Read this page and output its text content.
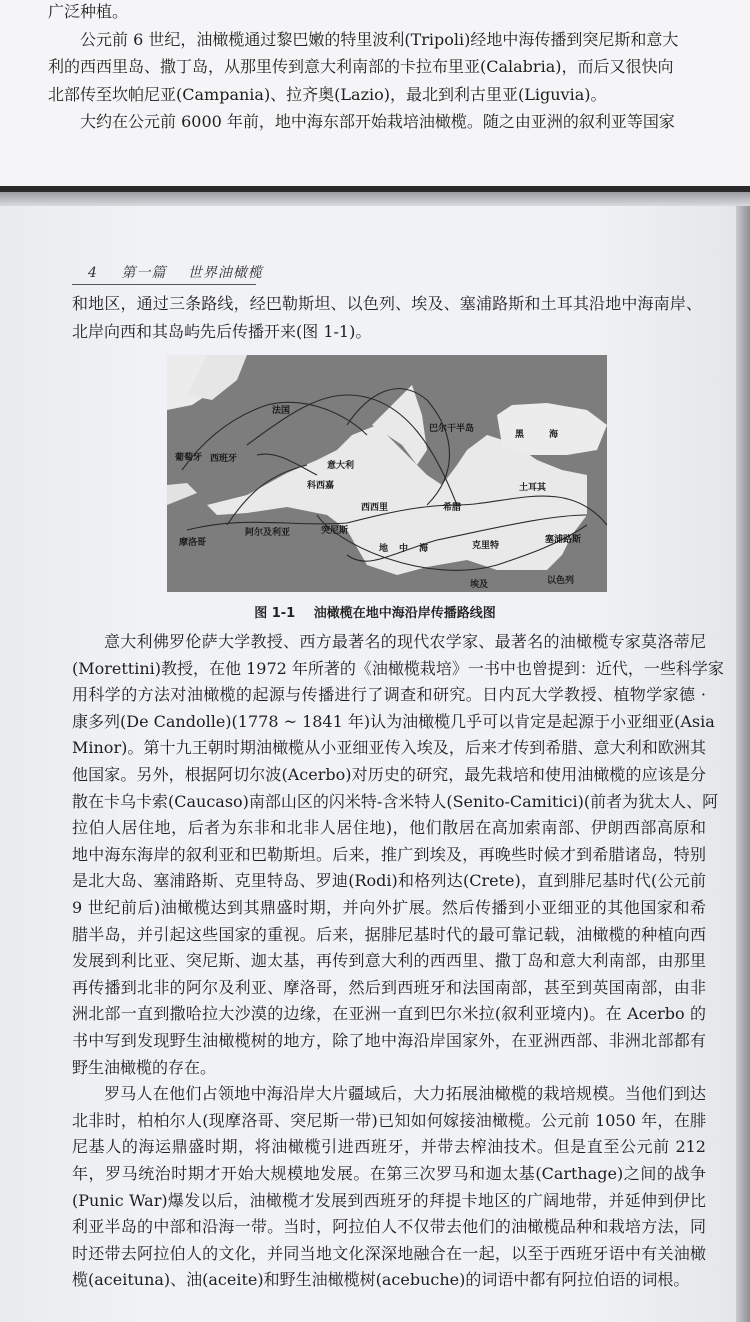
广泛种植。
公元前 6 世纪，油橄榄通过黎巴嫩的特里波利(Tripoli)经地中海传播到突尼斯和意大
利的西西里岛、撒丁岛，从那里传到意大利南部的卡拉布里亚(Calabria)，而后又很快向
北部传至坎帕尼亚(Campania)、拉齐奥(Lazio)，最北到利古里亚(Liguvia)。
大约在公元前 6000 年前，地中海东部开始栽培油橄榄。随之由亚洲的叙利亚等国家
4 第一篇 世界油橄榄
和地区，通过三条路线，经巴勒斯坦、以色列、埃及、塞浦路斯和土耳其沿地中海南岸、
北岸向西和其岛屿先后传播开来(图 1-1)。
法国
葡萄牙 西班牙
意大利
科西嘉
巴尔干半岛
黑	海
土耳其
希腊
西西里
突尼斯
阿尔及利亚
摩洛哥
地 中 海	克里特
塞浦路斯
埃及	以色列
图 1-1 油橄榄在地中海沿岸传播路线图
意大利佛罗伦萨大学教授、西方最著名的现代农学家、最著名的油橄榄专家莫洛蒂尼
(Morettini)教授，在他 1972 年所著的《油橄榄栽培》一书中也曾提到：近代，一些科学家
用科学的方法对油橄榄的起源与传播进行了调查和研究。日内瓦大学教授、植物学家德 ·
康多列(De Candolle)(1778 ~ 1841 年)认为油橄榄几乎可以肯定是起源于小亚细亚(Asia
Minor)。第十九王朝时期油橄榄从小亚细亚传入埃及，后来才传到希腊、意大利和欧洲其
他国家。另外，根据阿切尔波(Acerbo)对历史的研究，最先栽培和使用油橄榄的应该是分
散在卡乌卡索(Caucaso)南部山区的闪米特-含米特人(Senito-Camitici)(前者为犹太人、阿
拉伯人居住地，后者为东非和北非人居住地)，他们散居在高加索南部、伊朗西部高原和
地中海东海岸的叙利亚和巴勒斯坦。后来，推广到埃及，再晚些时候才到希腊诸岛，特别
是北大岛、塞浦路斯、克里特岛、罗迪(Rodi)和格列达(Crete)，直到腓尼基时代(公元前
9 世纪前后)油橄榄达到其鼎盛时期，并向外扩展。然后传播到小亚细亚的其他国家和希
腊半岛，并引起这些国家的重视。后来，据腓尼基时代的最可靠记载，油橄榄的种植向西
发展到利比亚、突尼斯、迦太基，再传到意大利的西西里、撒丁岛和意大利南部，由那里
再传播到北非的阿尔及利亚、摩洛哥，然后到西班牙和法国南部，甚至到英国南部，由非
洲北部一直到撒哈拉大沙漠的边缘，在亚洲一直到巴尔米拉(叙利亚境内)。在 Acerbo 的
书中写到发现野生油橄榄树的地方，除了地中海沿岸国家外，在亚洲西部、非洲北部都有
野生油橄榄的存在。
罗马人在他们占领地中海沿岸大片疆域后，大力拓展油橄榄的栽培规模。当他们到达
北非时，柏柏尔人(现摩洛哥、突尼斯一带)已知如何嫁接油橄榄。公元前 1050 年，在腓
尼基人的海运鼎盛时期，将油橄榄引进西班牙，并带去榨油技术。但是直至公元前 212
年，罗马统治时期才开始大规模地发展。在第三次罗马和迦太基(Carthage)之间的战争
(Punic War)爆发以后，油橄榄才发展到西班牙的拜提卡地区的广阔地带，并延伸到伊比
利亚半岛的中部和沿海一带。当时，阿拉伯人不仅带去他们的油橄榄品种和栽培方法，同
时还带去阿拉伯人的文化，并同当地文化深深地融合在一起，以至于西班牙语中有关油橄
榄(aceituna)、油(aceite)和野生油橄榄树(acebuche)的词语中都有阿拉伯语的词根。
